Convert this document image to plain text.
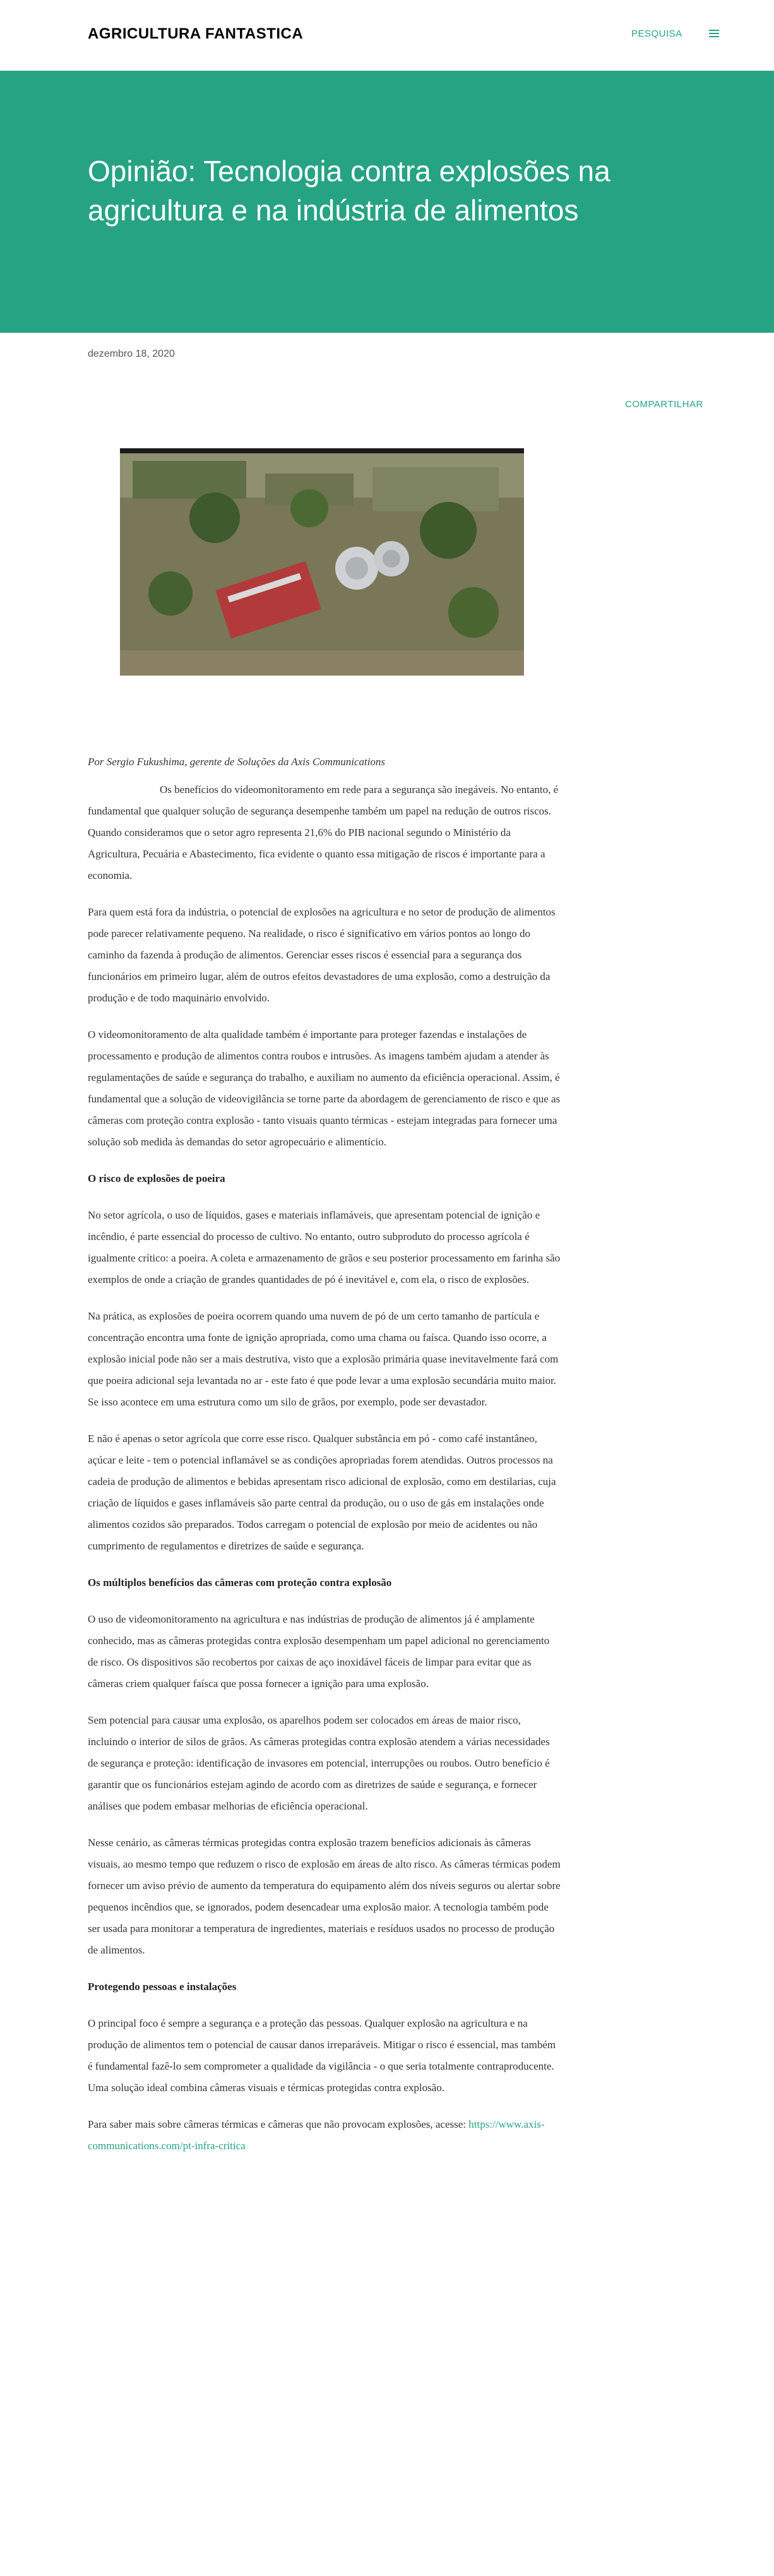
AGRICULTURA FANTASTICA	PESQUISA
Opinião: Tecnologia contra explosões na agricultura e na indústria de alimentos
dezembro 18, 2020
COMPARTILHAR

Por Sergio Fukushima, gerente de Soluções da Axis Communications

Os benefícios do videomonitoramento em rede para a segurança são inegáveis. No entanto, é fundamental que qualquer solução de segurança desempenhe também um papel na redução de outros riscos. Quando consideramos que o setor agro representa 21,6% do PIB nacional segundo o Ministério da Agricultura, Pecuária e Abastecimento, fica evidente o quanto essa mitigação de riscos é importante para a economia.

Para quem está fora da indústria, o potencial de explosões na agricultura e no setor de produção de alimentos pode parecer relativamente pequeno. Na realidade, o risco é significativo em vários pontos ao longo do caminho da fazenda à produção de alimentos. Gerenciar esses riscos é essencial para a segurança dos funcionários em primeiro lugar, além de outros efeitos devastadores de uma explosão, como a destruição da produção e de todo maquinário envolvido.

O videomonitoramento de alta qualidade também é importante para proteger fazendas e instalações de processamento e produção de alimentos contra roubos e intrusões. As imagens também ajudam a atender às regulamentações de saúde e segurança do trabalho, e auxiliam no aumento da eficiência operacional. Assim, é fundamental que a solução de videovigilância se torne parte da abordagem de gerenciamento de risco e que as câmeras com proteção contra explosão - tanto visuais quanto térmicas - estejam integradas para fornecer uma solução sob medida às demandas do setor agropecuário e alimentício.

O risco de explosões de poeira

No setor agrícola, o uso de líquidos, gases e materiais inflamáveis, que apresentam potencial de ignição e incêndio, é parte essencial do processo de cultivo. No entanto, outro subproduto do processo agrícola é igualmente crítico: a poeira. A coleta e armazenamento de grãos e seu posterior processamento em farinha são exemplos de onde a criação de grandes quantidades de pó é inevitável e, com ela, o risco de explosões.

Na prática, as explosões de poeira ocorrem quando uma nuvem de pó de um certo tamanho de partícula e concentração encontra uma fonte de ignição apropriada, como uma chama ou faísca. Quando isso ocorre, a explosão inicial pode não ser a mais destrutiva, visto que a explosão primária quase inevitavelmente fará com que poeira adicional seja levantada no ar - este fato é que pode levar a uma explosão secundária muito maior. Se isso acontece em uma estrutura como um silo de grãos, por exemplo, pode ser devastador.

E não é apenas o setor agrícola que corre esse risco. Qualquer substância em pó - como café instantâneo, açúcar e leite - tem o potencial inflamável se as condições apropriadas forem atendidas. Outros processos na cadeia de produção de alimentos e bebidas apresentam risco adicional de explosão, como em destilarias, cuja criação de líquidos e gases inflamáveis são parte central da produção, ou o uso de gás em instalações onde alimentos cozidos são preparados. Todos carregam o potencial de explosão por meio de acidentes ou não cumprimento de regulamentos e diretrizes de saúde e segurança.

Os múltiplos benefícios das câmeras com proteção contra explosão

O uso de videomonitoramento na agricultura e nas indústrias de produção de alimentos já é amplamente conhecido, mas as câmeras protegidas contra explosão desempenham um papel adicional no gerenciamento de risco. Os dispositivos são recobertos por caixas de aço inoxidável fáceis de limpar para evitar que as câmeras criem qualquer faísca que possa fornecer a ignição para uma explosão.

Sem potencial para causar uma explosão, os aparelhos podem ser colocados em áreas de maior risco, incluindo o interior de silos de grãos. As câmeras protegidas contra explosão atendem a várias necessidades de segurança e proteção: identificação de invasores em potencial, interrupções ou roubos. Outro benefício é garantir que os funcionários estejam agindo de acordo com as diretrizes de saúde e segurança, e fornecer análises que podem embasar melhorias de eficiência operacional.

Nesse cenário, as câmeras térmicas protegidas contra explosão trazem benefícios adicionais às câmeras visuais, ao mesmo tempo que reduzem o risco de explosão em áreas de alto risco. As câmeras térmicas podem fornecer um aviso prévio de aumento da temperatura do equipamento além dos níveis seguros ou alertar sobre pequenos incêndios que, se ignorados, podem desencadear uma explosão maior. A tecnologia também pode ser usada para monitorar a temperatura de ingredientes, materiais e resíduos usados no processo de produção de alimentos.

Protegendo pessoas e instalações

O principal foco é sempre a segurança e a proteção das pessoas. Qualquer explosão na agricultura e na produção de alimentos tem o potencial de causar danos irreparáveis. Mitigar o risco é essencial, mas também é fundamental fazê-lo sem comprometer a qualidade da vigilância - o que seria totalmente contraproducente. Uma solução ideal combina câmeras visuais e térmicas protegidas contra explosão.

Para saber mais sobre câmeras térmicas e câmeras que não provocam explosões, acesse: https://www.axis-communications.com/pt-infra-critica
